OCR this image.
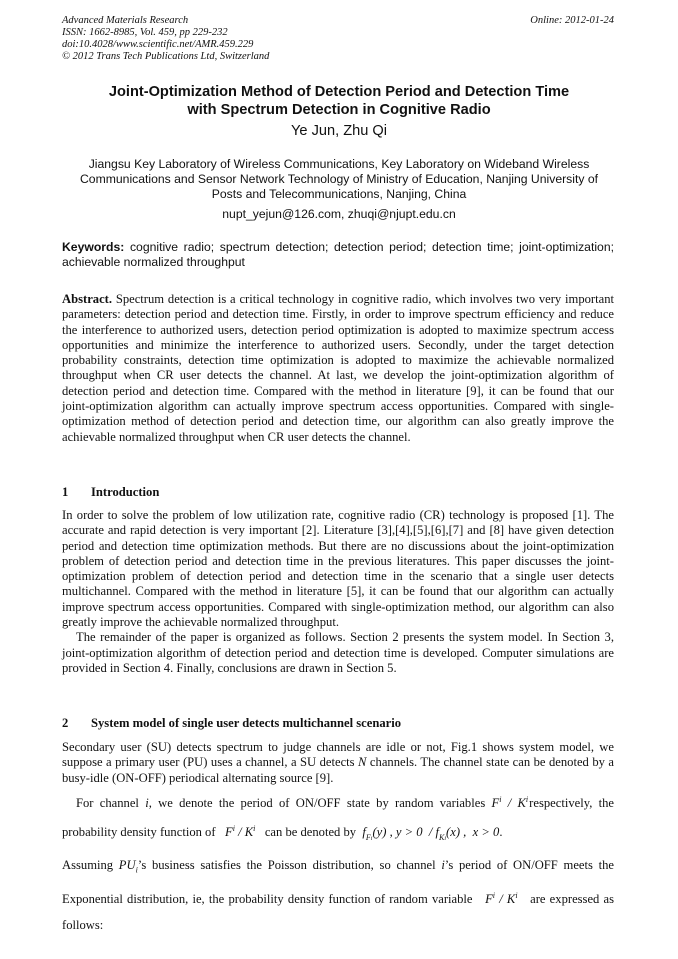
Advanced Materials Research
ISSN: 1662-8985, Vol. 459, pp 229-232
doi:10.4028/www.scientific.net/AMR.459.229
© 2012 Trans Tech Publications Ltd, Switzerland
Online: 2012-01-24
Joint-Optimization Method of Detection Period and Detection Time
with Spectrum Detection in Cognitive Radio
Ye Jun, Zhu Qi
Jiangsu Key Laboratory of Wireless Communications, Key Laboratory on Wideband Wireless
Communications and Sensor Network Technology of Ministry of Education, Nanjing University of
Posts and Telecommunications, Nanjing, China
nupt_yejun@126.com, zhuqi@njupt.edu.cn
Keywords: cognitive radio; spectrum detection; detection period; detection time; joint-optimization; achievable normalized throughput
Abstract. Spectrum detection is a critical technology in cognitive radio, which involves two very important parameters: detection period and detection time. Firstly, in order to improve spectrum efficiency and reduce the interference to authorized users, detection period optimization is adopted to maximize spectrum access opportunities and minimize the interference to authorized users. Secondly, under the target detection probability constraints, detection time optimization is adopted to maximize the achievable normalized throughput when CR user detects the channel. At last, we develop the joint-optimization algorithm of detection period and detection time. Compared with the method in literature [9], it can be found that our joint-optimization algorithm can actually improve spectrum access opportunities. Compared with single-optimization method of detection period and detection time, our algorithm can also greatly improve the achievable normalized throughput when CR user detects the channel.
1 Introduction
In order to solve the problem of low utilization rate, cognitive radio (CR) technology is proposed [1]. The accurate and rapid detection is very important [2]. Literature [3],[4],[5],[6],[7] and [8] have given detection period and detection time optimization methods. But there are no discussions about the joint-optimization problem of detection period and detection time in the previous literatures. This paper discusses the joint-optimization problem of detection period and detection time in the scenario that a single user detects multichannel. Compared with the method in literature [5], it can be found that our algorithm can actually improve spectrum access opportunities. Compared with single-optimization method, our algorithm can also greatly improve the achievable normalized throughput.
The remainder of the paper is organized as follows. Section 2 presents the system model. In Section 3, joint-optimization algorithm of detection period and detection time is developed. Computer simulations are provided in Section 4. Finally, conclusions are drawn in Section 5.
2 System model of single user detects multichannel scenario
Secondary user (SU) detects spectrum to judge channels are idle or not, Fig.1 shows system model, we suppose a primary user (PU) uses a channel, a SU detects N channels. The channel state can be denoted by a busy-idle (ON-OFF) periodical alternating source [9].
For channel i, we denote the period of ON/OFF state by random variables $F^i / K^i$ respectively, the probability density function of   $F^i / K^i$   can be denoted by  $f_{Fi}(y)$ , $y > 0 / f_{Ki}(x)$ ,  x > 0.
Assuming $PU_i’s$ business satisfies the Poisson distribution, so channel i’s period of ON/OFF meets the Exponential distribution, ie, the probability density function of random variable   $F^i / K^i$   are expressed as follows:
